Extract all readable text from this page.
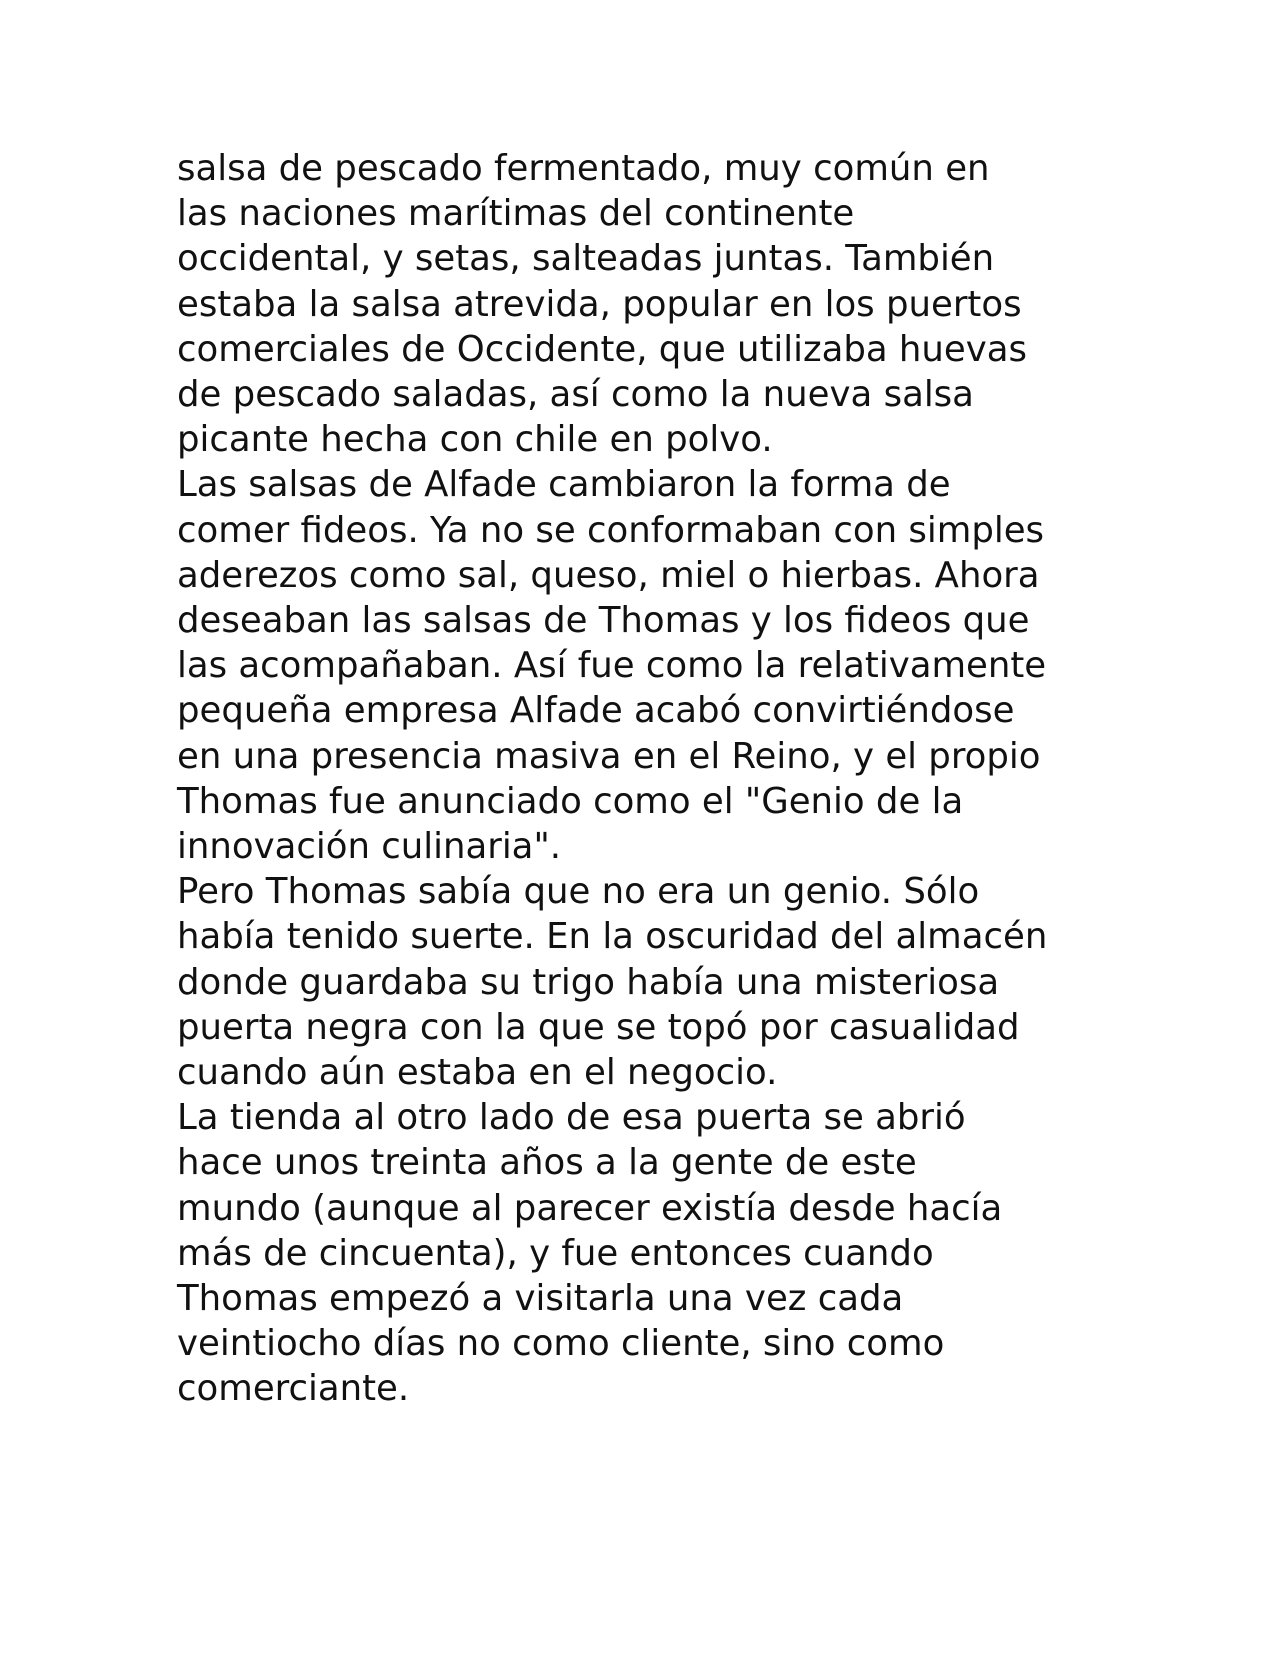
salsa de pescado fermentado, muy común en
las naciones marítimas del continente
occidental, y setas, salteadas juntas. También
estaba la salsa atrevida, popular en los puertos
comerciales de Occidente, que utilizaba huevas
de pescado saladas, así como la nueva salsa
picante hecha con chile en polvo.
Las salsas de Alfade cambiaron la forma de
comer fideos. Ya no se conformaban con simples
aderezos como sal, queso, miel o hierbas. Ahora
deseaban las salsas de Thomas y los fideos que
las acompañaban. Así fue como la relativamente
pequeña empresa Alfade acabó convirtiéndose
en una presencia masiva en el Reino, y el propio
Thomas fue anunciado como el "Genio de la
innovación culinaria".
Pero Thomas sabía que no era un genio. Sólo
había tenido suerte. En la oscuridad del almacén
donde guardaba su trigo había una misteriosa
puerta negra con la que se topó por casualidad
cuando aún estaba en el negocio.
La tienda al otro lado de esa puerta se abrió
hace unos treinta años a la gente de este
mundo (aunque al parecer existía desde hacía
más de cincuenta), y fue entonces cuando
Thomas empezó a visitarla una vez cada
veintiocho días no como cliente, sino como
comerciante.
